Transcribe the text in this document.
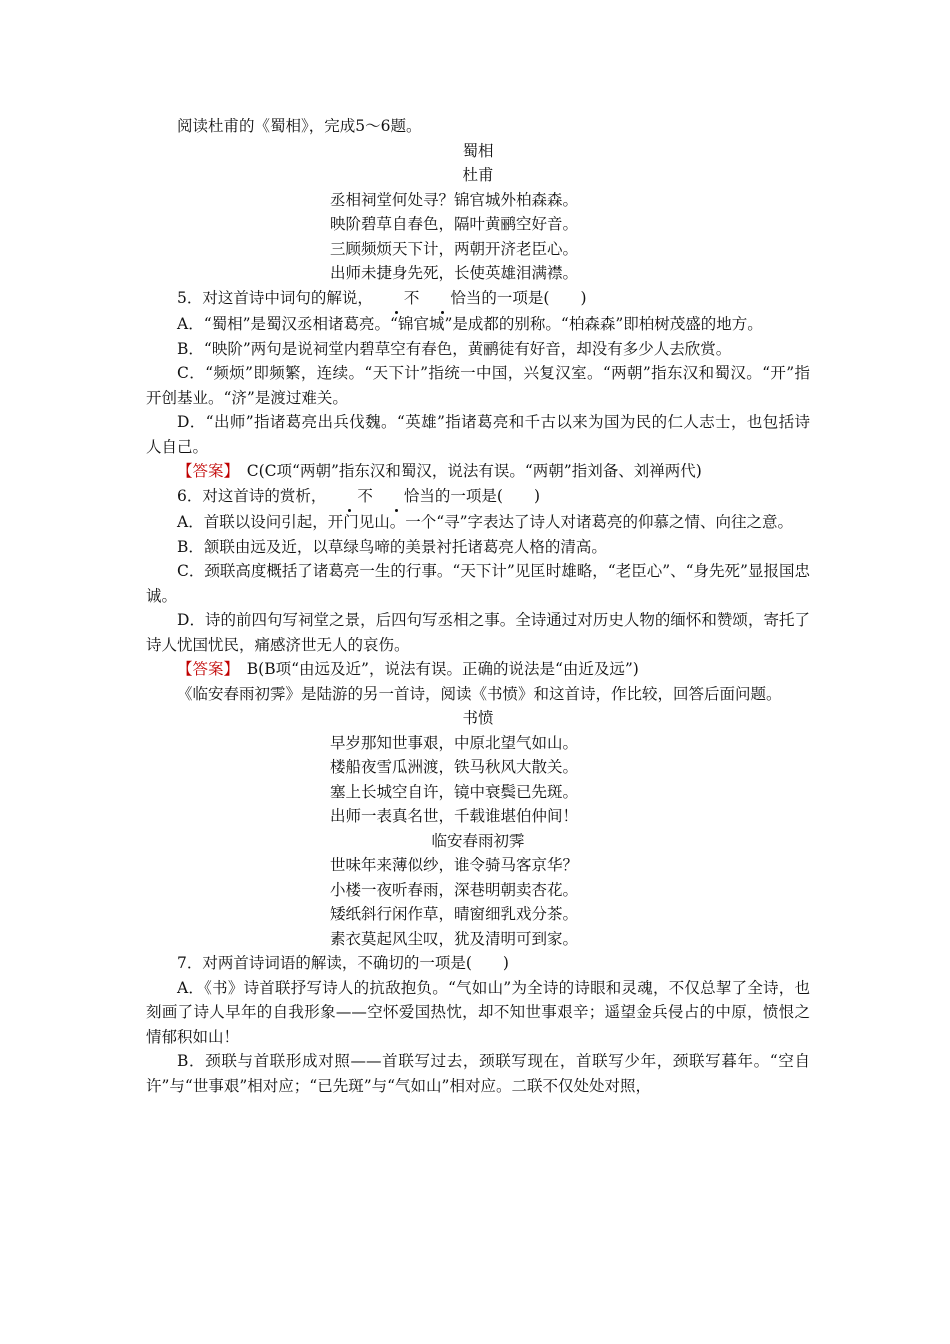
阅读杜甫的《蜀相》，完成5～6题。

蜀相

杜甫

丞相祠堂何处寻？锦官城外柏森森。
映阶碧草自春色，隔叶黄鹂空好音。
三顾频烦天下计，两朝开济老臣心。
出师未捷身先死，长使英雄泪满襟。

5．对这首诗中词句的解说， 不 恰当的一项是(　　)

A．“蜀相”是蜀汉丞相诸葛亮。“锦官城”是成都的别称。“柏森森”即柏树茂盛的地方。

B．“映阶”两句是说祠堂内碧草空有春色，黄鹂徒有好音，却没有多少人去欣赏。

C．“频烦”即频繁，连续。“天下计”指统一中国，兴复汉室。“两朝”指东汉和蜀汉。“开”指开创基业。“济”是渡过难关。

D．“出师”指诸葛亮出兵伐魏。“英雄”指诸葛亮和千古以来为国为民的仁人志士，也包括诗人自己。

【答案】　C(C项“两朝”指东汉和蜀汉，说法有误。“两朝”指刘备、刘禅两代)

6．对这首诗的赏析， 不 恰当的一项是(　　)

A．首联以设问引起，开门见山。一个“寻”字表达了诗人对诸葛亮的仰慕之情、向往之意。

B．颔联由远及近，以草绿鸟啼的美景衬托诸葛亮人格的清高。

C．颈联高度概括了诸葛亮一生的行事。“天下计”见匡时雄略，“老臣心”、“身先死”显报国忠诚。

D．诗的前四句写祠堂之景，后四句写丞相之事。全诗通过对历史人物的缅怀和赞颂，寄托了诗人忧国忧民，痛感济世无人的哀伤。

【答案】　B(B项“由远及近”，说法有误。正确的说法是“由近及远”)

《临安春雨初霁》是陆游的另一首诗，阅读《书愤》和这首诗，作比较，回答后面问题。

书愤

早岁那知世事艰，中原北望气如山。
楼船夜雪瓜洲渡，铁马秋风大散关。
塞上长城空自许，镜中衰鬓已先斑。
出师一表真名世，千载谁堪伯仲间！

临安春雨初霁

世味年来薄似纱，谁令骑马客京华？
小楼一夜听春雨，深巷明朝卖杏花。
矮纸斜行闲作草，晴窗细乳戏分茶。
素衣莫起风尘叹，犹及清明可到家。

7．对两首诗词语的解读，不确切的一项是(　　)

A．《书》诗首联抒写诗人的抗敌抱负。“气如山”为全诗的诗眼和灵魂，不仅总挈了全诗，也刻画了诗人早年的自我形象——空怀爱国热忱，却不知世事艰辛；遥望金兵侵占的中原，愤恨之情郁积如山！

B．颈联与首联形成对照——首联写过去，颈联写现在，首联写少年，颈联写暮年。“空自许”与“世事艰”相对应；“已先斑”与“气如山”相对应。二联不仅处处对照，
